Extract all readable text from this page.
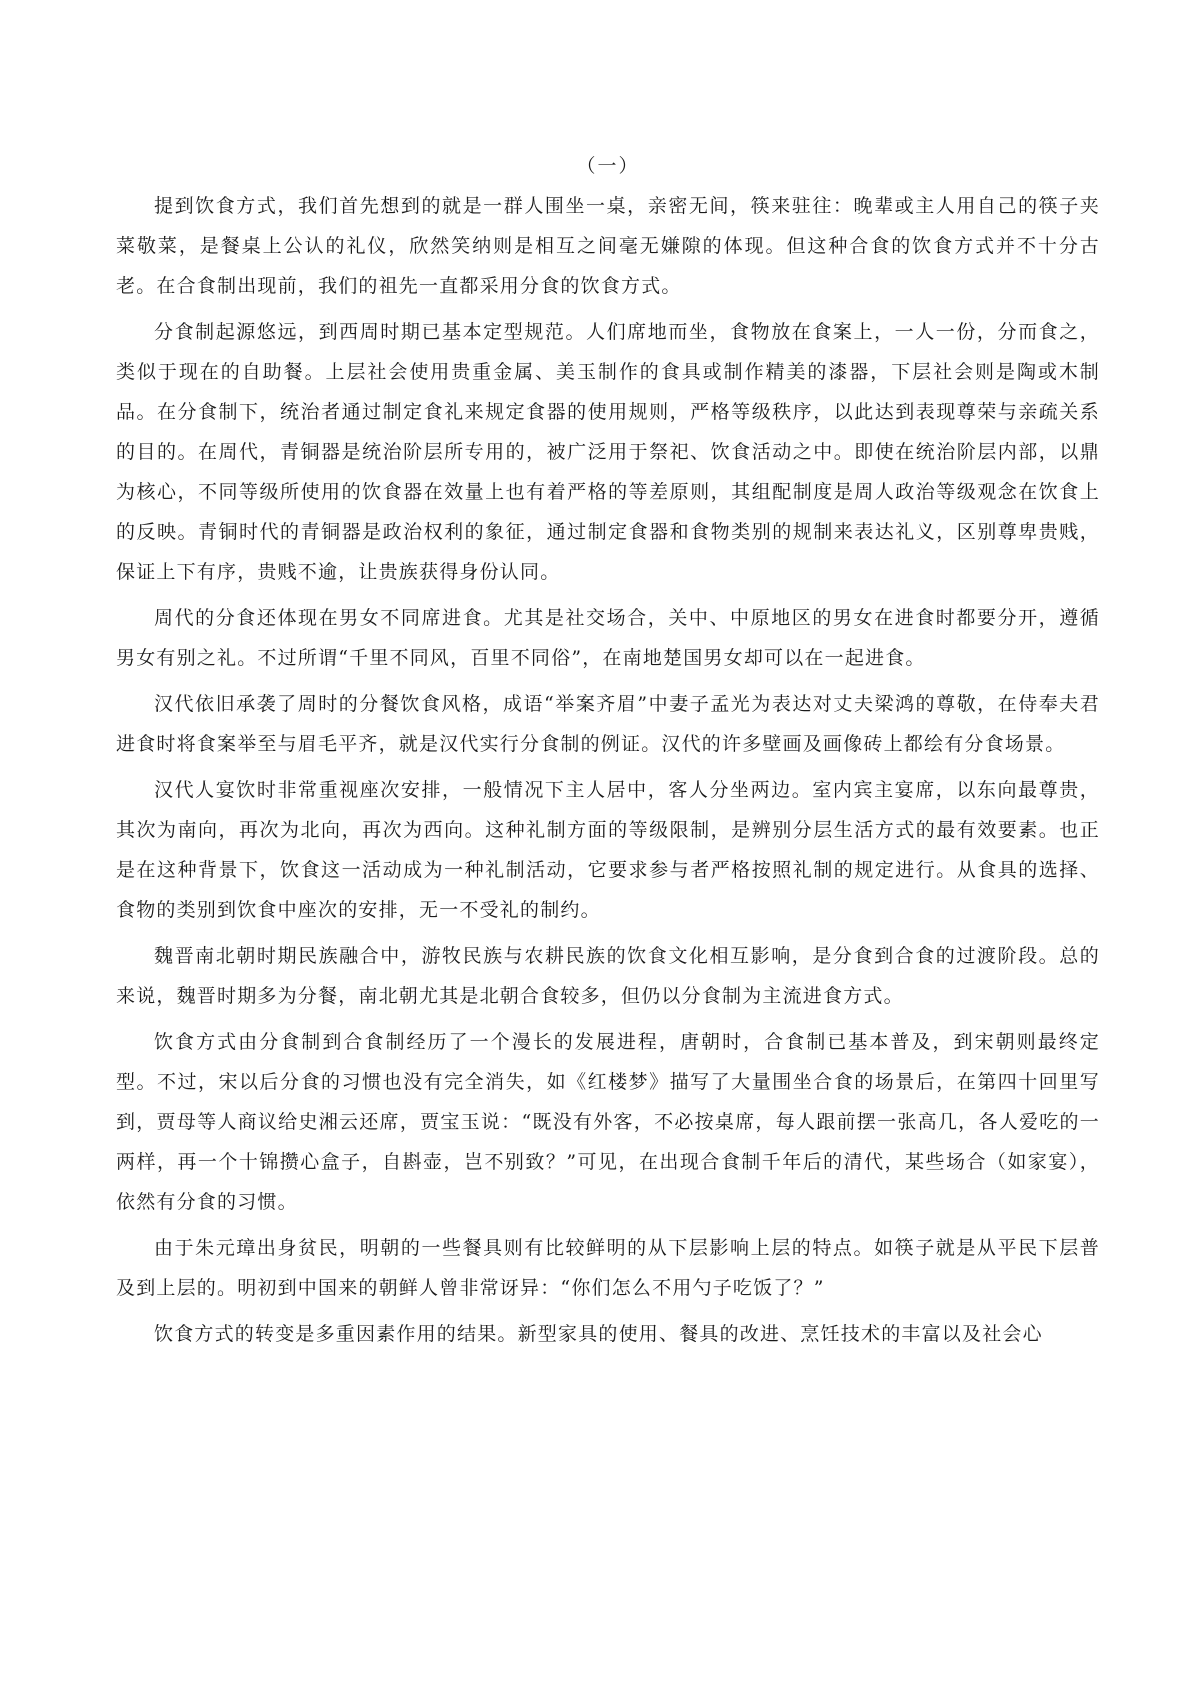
（一）

提到饮食方式，我们首先想到的就是一群人围坐一桌，亲密无间，筷来驻往：晚辈或主人用自己的筷子夹菜敬菜，是餐桌上公认的礼仪，欣然笑纳则是相互之间毫无嫌隙的体现。但这种合食的饮食方式并不十分古老。在合食制出现前，我们的祖先一直都采用分食的饮食方式。

分食制起源悠远，到西周时期已基本定型规范。人们席地而坐，食物放在食案上，一人一份，分而食之，类似于现在的自助餐。上层社会使用贵重金属、美玉制作的食具或制作精美的漆器，下层社会则是陶或木制品。在分食制下，统治者通过制定食礼来规定食器的使用规则，严格等级秩序，以此达到表现尊荣与亲疏关系的目的。在周代，青铜器是统治阶层所专用的，被广泛用于祭祀、饮食活动之中。即使在统治阶层内部，以鼎为核心，不同等级所使用的饮食器在效量上也有着严格的等差原则，其组配制度是周人政治等级观念在饮食上的反映。青铜时代的青铜器是政治权利的象征，通过制定食器和食物类别的规制来表达礼义，区别尊卑贵贱，保证上下有序，贵贱不逾，让贵族获得身份认同。

周代的分食还体现在男女不同席进食。尤其是社交场合，关中、中原地区的男女在进食时都要分开，遵循男女有别之礼。不过所谓“千里不同风，百里不同俗”，在南地楚国男女却可以在一起进食。

汉代依旧承袭了周时的分餐饮食风格，成语“举案齐眉”中妻子孟光为表达对丈夫梁鸿的尊敬，在侍奉夫君进食时将食案举至与眉毛平齐，就是汉代实行分食制的例证。汉代的许多壁画及画像砖上都绘有分食场景。

汉代人宴饮时非常重视座次安排，一般情况下主人居中，客人分坐两边。室内宾主宴席，以东向最尊贵，其次为南向，再次为北向，再次为西向。这种礼制方面的等级限制，是辨别分层生活方式的最有效要素。也正是在这种背景下，饮食这一活动成为一种礼制活动，它要求参与者严格按照礼制的规定进行。从食具的选择、食物的类别到饮食中座次的安排，无一不受礼的制约。

魏晋南北朝时期民族融合中，游牧民族与农耕民族的饮食文化相互影响，是分食到合食的过渡阶段。总的来说，魏晋时期多为分餐，南北朝尤其是北朝合食较多，但仍以分食制为主流进食方式。

饮食方式由分食制到合食制经历了一个漫长的发展进程，唐朝时，合食制已基本普及，到宋朝则最终定型。不过，宋以后分食的习惯也没有完全消失，如《红楼梦》描写了大量围坐合食的场景后，在第四十回里写到，贾母等人商议给史湘云还席，贾宝玉说：“既没有外客，不必按桌席，每人跟前摆一张高几，各人爱吃的一两样，再一个十锦攒心盒子，自斟壶，岂不别致？”可见，在出现合食制千年后的清代，某些场合（如家宴），依然有分食的习惯。

由于朱元璋出身贫民，明朝的一些餐具则有比较鲜明的从下层影响上层的特点。如筷子就是从平民下层普及到上层的。明初到中国来的朝鲜人曾非常讶异：“你们怎么不用勺子吃饭了？”

饮食方式的转变是多重因素作用的结果。新型家具的使用、餐具的改进、烹饪技术的丰富以及社会心
